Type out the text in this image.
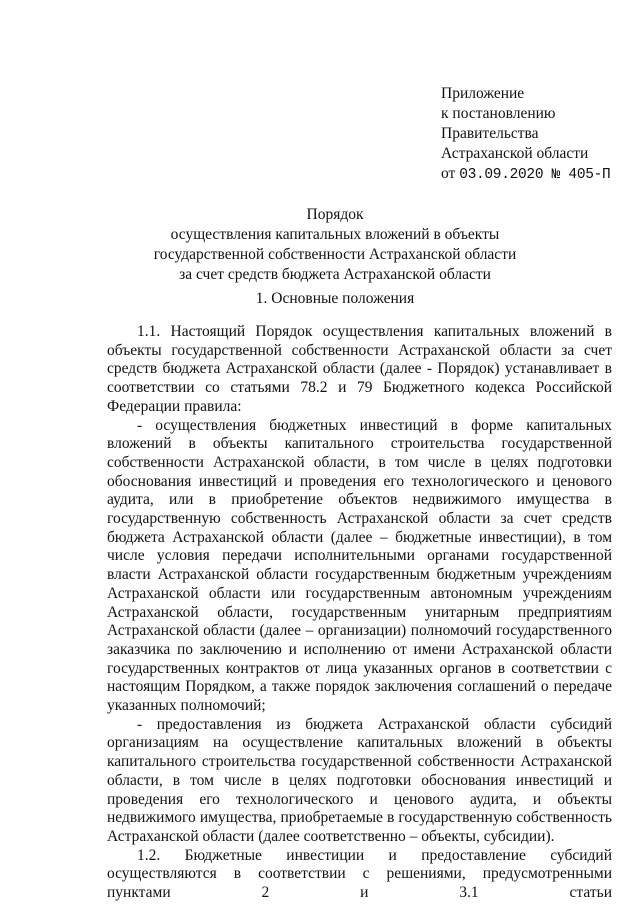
Приложение
к постановлению
Правительства
Астраханской области
от 03.09.2020 № 405-П
Порядок
осуществления капитальных вложений в объекты
государственной собственности Астраханской области
за счет средств бюджета Астраханской области
1. Основные положения

1.1. Настоящий Порядок осуществления капитальных вложений в объекты государственной собственности Астраханской области за счет средств бюджета Астраханской области (далее - Порядок) устанавливает в соответствии со статьями 78.2 и 79 Бюджетного кодекса Российской Федерации правила:

- осуществления бюджетных инвестиций в форме капитальных вложений в объекты капитального строительства государственной собственности Астраханской области, в том числе в целях подготовки обоснования инвестиций и проведения его технологического и ценового аудита, или в приобретение объектов недвижимого имущества в государственную собственность Астраханской области за счет средств бюджета Астраханской области (далее – бюджетные инвестиции), в том числе условия передачи исполнительными органами государственной власти Астраханской области государственным бюджетным учреждениям Астраханской области или государственным автономным учреждениям Астраханской области, государственным унитарным предприятиям Астраханской области (далее – организации) полномочий государственного заказчика по заключению и исполнению от имени Астраханской области государственных контрактов от лица указанных органов в соответствии с настоящим Порядком, а также порядок заключения соглашений о передаче указанных полномочий;

- предоставления из бюджета Астраханской области субсидий организациям на осуществление капитальных вложений в объекты капитального строительства государственной собственности Астраханской области, в том числе в целях подготовки обоснования инвестиций и проведения его технологического и ценового аудита, и объекты недвижимого имущества, приобретаемые в государственную собственность Астраханской области (далее соответственно – объекты, субсидии).

1.2. Бюджетные инвестиции и предоставление субсидий осуществляются в соответствии с решениями, предусмотренными пунктами 2 и 3.1 статьи
